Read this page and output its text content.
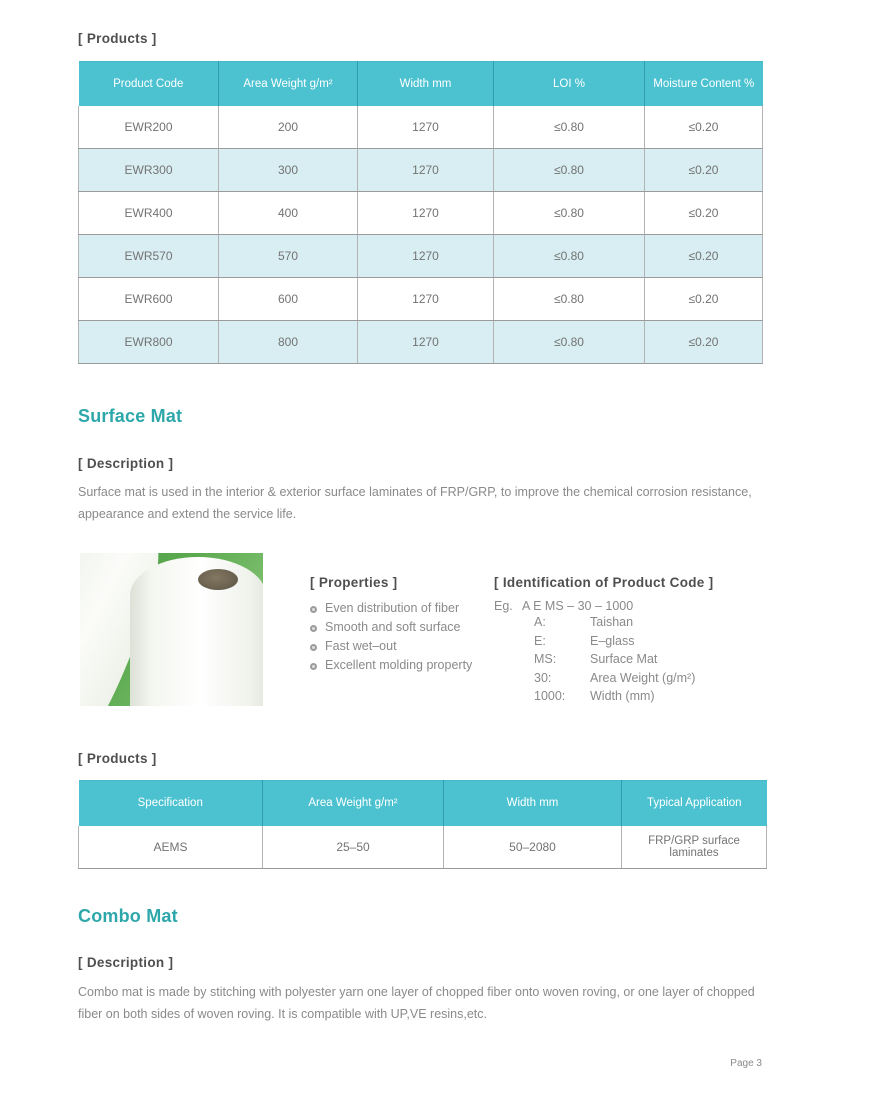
[ Products ]
Product Code	Area Weight g/m²	Width mm	LOI %	Moisture Content %
EWR200	200	1270	≤0.80	≤0.20
EWR300	300	1270	≤0.80	≤0.20
EWR400	400	1270	≤0.80	≤0.20
EWR570	570	1270	≤0.80	≤0.20
EWR600	600	1270	≤0.80	≤0.20
EWR800	800	1270	≤0.80	≤0.20
Surface Mat
[ Description ]
Surface mat is used in the interior & exterior surface laminates of FRP/GRP, to improve the chemical corrosion resistance, appearance and extend the service life.
[ Properties ]
Even distribution of fiber
Smooth and soft surface
Fast wet–out
Excellent molding property
[ Identification of Product Code ]
Eg. A E MS – 30 – 1000
A:	Taishan
E:	E–glass
MS:	Surface Mat
30:	Area Weight (g/m²)
1000: Width (mm)
[ Products ]
Specification	Area Weight g/m²	Width mm	Typical Application
AEMS	25–50	50–2080	FRP/GRP surface laminates
Combo Mat
[ Description ]
Combo mat is made by stitching with polyester yarn one layer of chopped fiber onto woven roving, or one layer of chopped fiber on both sides of woven roving. It is compatible with UP,VE resins,etc.
Page 3
